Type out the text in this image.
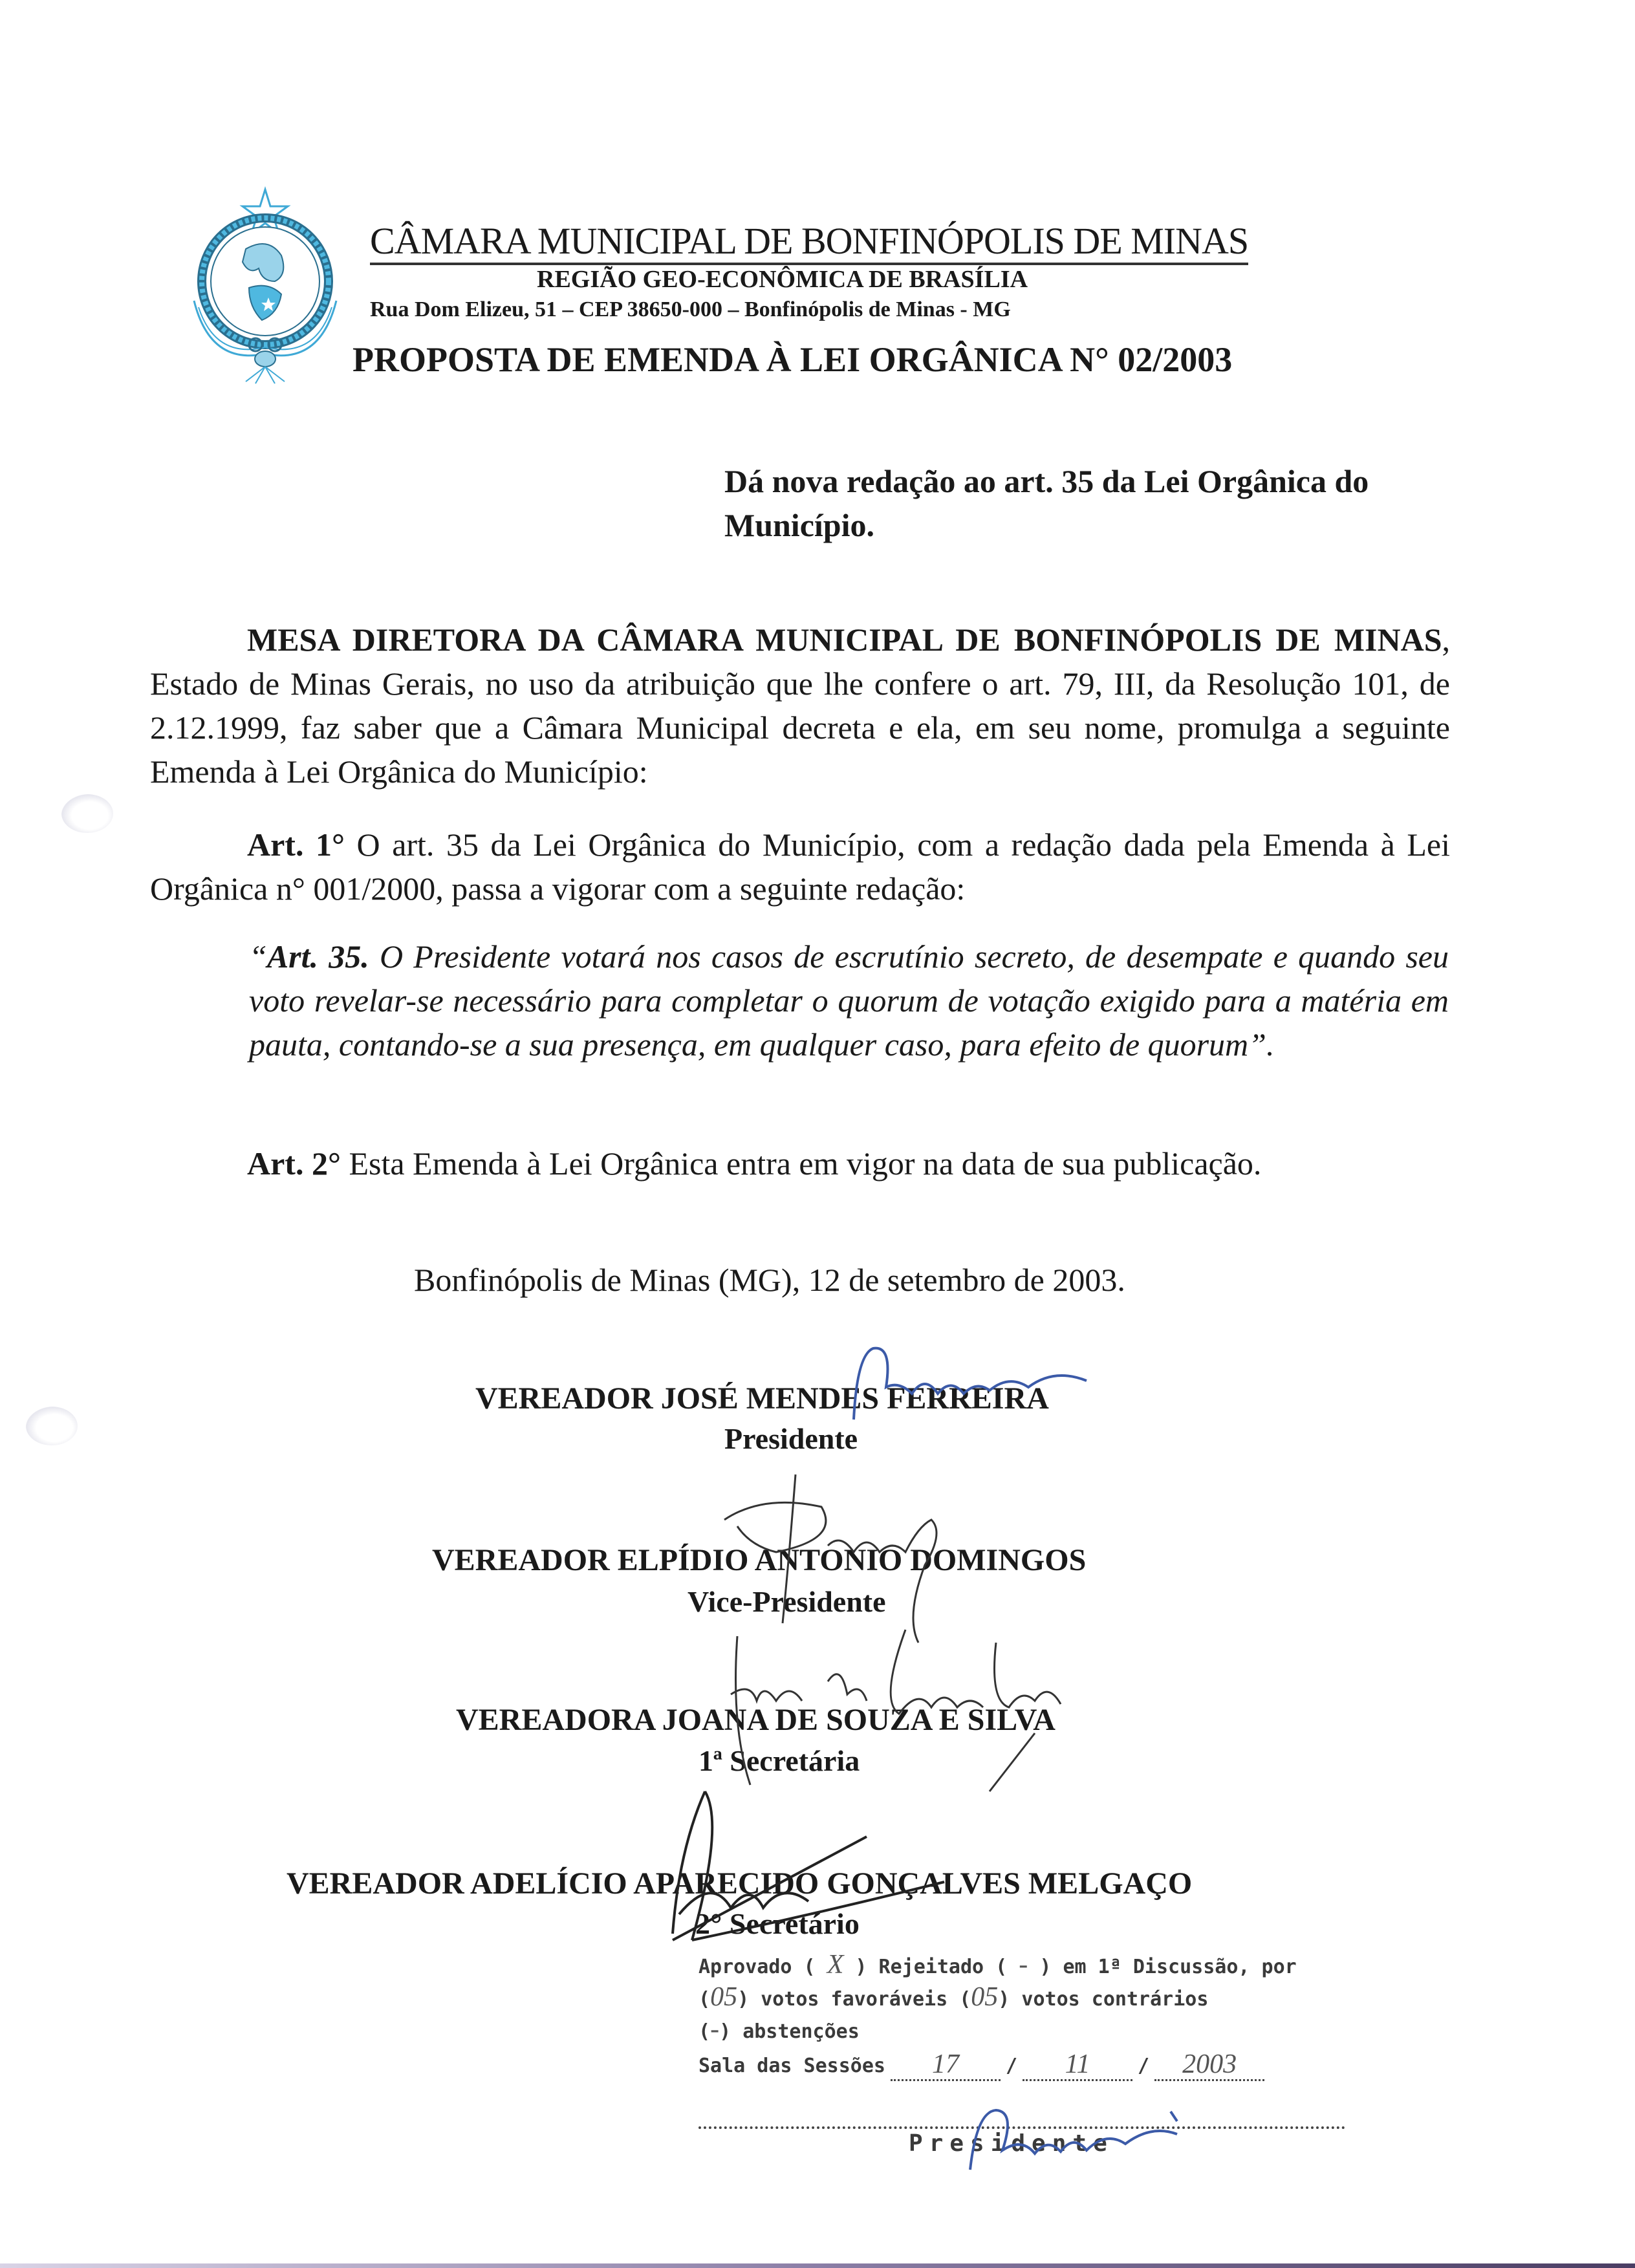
CÂMARA MUNICIPAL DE BONFINÓPOLIS DE MINAS
REGIÃO GEO-ECONÔMICA DE BRASÍLIA
Rua Dom Elizeu, 51 – CEP 38650-000 – Bonfinópolis de Minas - MG
PROPOSTA DE EMENDA À LEI ORGÂNICA N° 02/2003
Dá nova redação ao art. 35 da Lei Orgânica do Município.
MESA DIRETORA DA CÂMARA MUNICIPAL DE BONFINÓPOLIS DE MINAS, Estado de Minas Gerais, no uso da atribuição que lhe confere o art. 79, III, da Resolução 101, de 2.12.1999, faz saber que a Câmara Municipal decreta e ela, em seu nome, promulga a seguinte Emenda à Lei Orgânica do Município:
Art. 1° O art. 35 da Lei Orgânica do Município, com a redação dada pela Emenda à Lei Orgânica n° 001/2000, passa a vigorar com a seguinte redação:
“Art. 35. O Presidente votará nos casos de escrutínio secreto, de desempate e quando seu voto revelar-se necessário para completar o quorum de votação exigido para a matéria em pauta, contando-se a sua presença, em qualquer caso, para efeito de quorum”.
Art. 2° Esta Emenda à Lei Orgânica entra em vigor na data de sua publicação.
Bonfinópolis de Minas (MG), 12 de setembro de 2003.
VEREADOR JOSÉ MENDES FERREIRA
Presidente
VEREADOR ELPÍDIO ANTONIO DOMINGOS
Vice-Presidente
VEREADORA JOANA DE SOUZA E SILVA
1ª Secretária
VEREADOR ADELÍCIO APARECIDO GONÇALVES MELGAÇO
2° Secretário
Aprovado ( X ) Rejeitado ( - ) em 1ª Discussão, por
(05) votos favoráveis (05) votos contrários
(-) abstenções
Sala das Sessões	17	/	11	/	2003
Presidente
